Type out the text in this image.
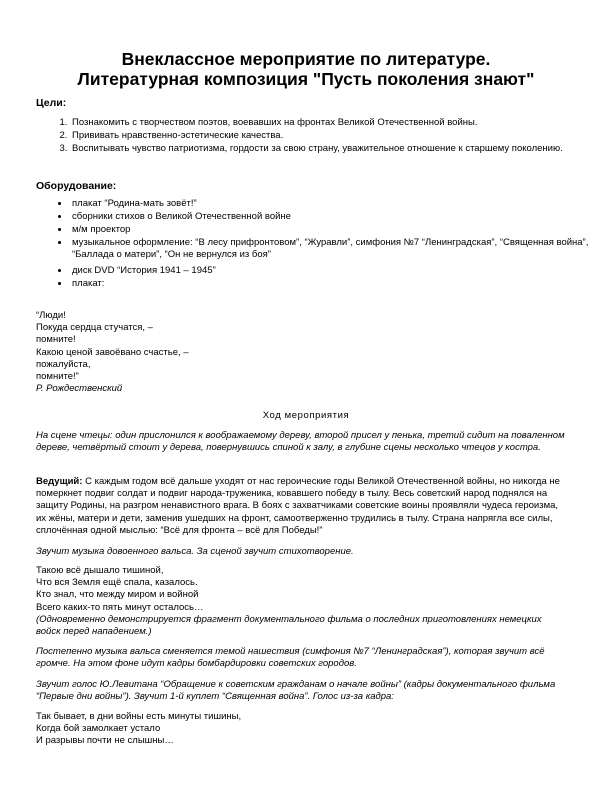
Внеклассное мероприятие по литературе.
Литературная композиция "Пусть поколения знают"
Цели:
1. Познакомить с творчеством поэтов, воевавших на фронтах Великой Отечественной войны.
2. Прививать нравственно-эстетические качества.
3. Воспитывать чувство патриотизма, гордости за свою страну, уважительное отношение к старшему поколению.
Оборудование:
• плакат “Родина-мать зовёт!”
• сборники стихов о Великой Отечественной войне
• м/м проектор
• музыкальное оформление: “В лесу прифронтовом”, “Журавли”, симфония №7 “Ленинградская”, “Священная война”, “Баллада о матери”, “Он не вернулся из боя”
• диск DVD “История 1941 – 1945”
• плакат:
“Люди!
Покуда сердца стучатся, –
помните!
Какою ценой завоёвано счастье, –
пожалуйста,
помните!”
Р. Рождественский
Ход мероприятия
На сцене чтецы: один прислонился к воображаемому дереву, второй присел у пенька, третий сидит на поваленном дереве, четвёртый стоит у дерева, повернувшись спиной к залу, в глубине сцены несколько чтецов у костра.
Ведущий: С каждым годом всё дальше уходят от нас героические годы Великой Отечественной войны, но никогда не померкнет подвиг солдат и подвиг народа-труженика, ковавшего победу в тылу. Весь советский народ поднялся на защиту Родины, на разгром ненавистного врага. В боях с захватчиками советские воины проявляли чудеса героизма, их жёны, матери и дети, заменив ушедших на фронт, самоотверженно трудились в тылу. Страна напрягла все силы, сплочённая одной мыслью: “Всё для фронта – всё для Победы!”
Звучит музыка довоенного вальса. За сценой звучит стихотворение.
Такою всё дышало тишиной,
Что вся Земля ещё спала, казалось.
Кто знал, что между миром и войной
Всего каких-то пять минут осталось…
(Одновременно демонстрируется фрагмент документального фильма о последних приготовлениях немецких войск перед нападением.)
Постепенно музыка вальса сменяется темой нашествия (симфония №7 “Ленинградская”), которая звучит всё громче. На этом фоне идут кадры бомбардировки советских городов.
Звучит голос Ю.Левитана “Обращение к советским гражданам о начале войны” (кадры документального фильма “Первые дни войны”). Звучит 1-й куплет “Священная война”. Голос из-за кадра:
Так бывает, в дни войны есть минуты тишины,
Когда бой замолкает устало
И разрывы почти не слышны…
